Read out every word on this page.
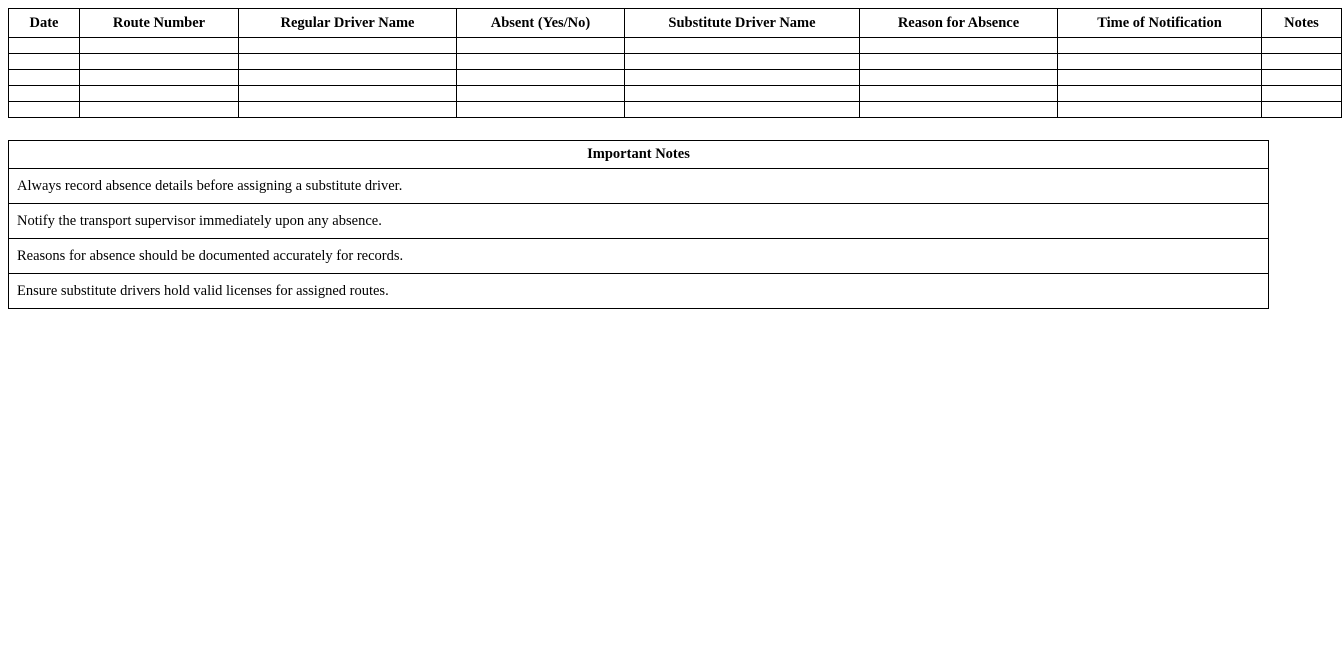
Date	Route Number	Regular Driver Name	Absent (Yes/No)	Substitute Driver Name	Reason for Absence	Time of Notification	Notes

Important Notes
Always record absence details before assigning a substitute driver.
Notify the transport supervisor immediately upon any absence.
Reasons for absence should be documented accurately for records.
Ensure substitute drivers hold valid licenses for assigned routes.
